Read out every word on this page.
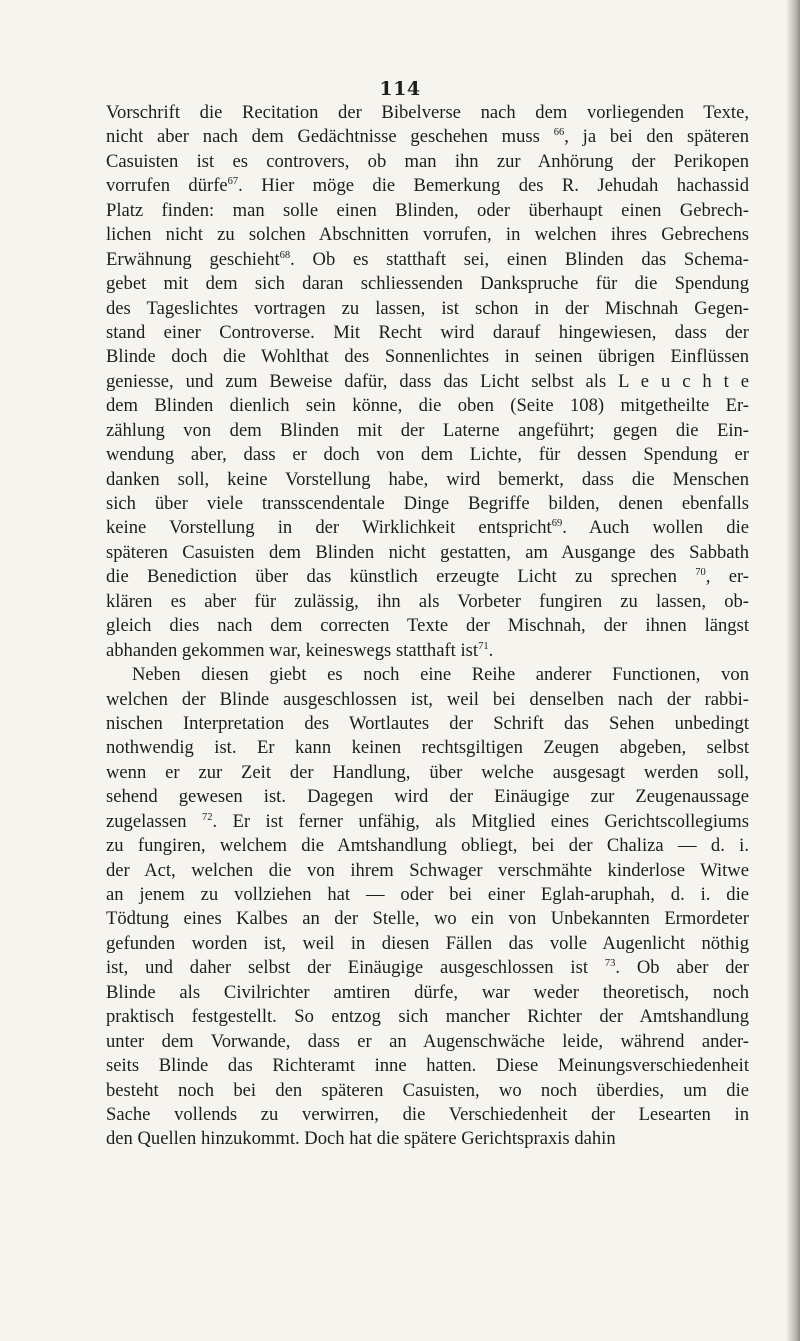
114
Vorschrift die Recitation der Bibelverse nach dem vorliegenden Texte,
nicht aber nach dem Gedächtnisse geschehen muss $^{66}$, ja bei den späteren
Casuisten ist es controvers, ob man ihn zur Anhörung der Perikopen
vorrufen dürfe$^{67}$. Hier möge die Bemerkung des R. Jehudah hachassid
Platz finden: man solle einen Blinden, oder überhaupt einen Gebrech-
lichen nicht zu solchen Abschnitten vorrufen, in welchen ihres Gebrechens
Erwähnung geschieht$^{68}$. Ob es statthaft sei, einen Blinden das Schema-
gebet mit dem sich daran schliessenden Dankspruche für die Spendung
des Tageslichtes vortragen zu lassen, ist schon in der Mischnah Gegen-
stand einer Controverse. Mit Recht wird darauf hingewiesen, dass der
Blinde doch die Wohlthat des Sonnenlichtes in seinen übrigen Einflüssen
geniesse, und zum Beweise dafür, dass das Licht selbst als L e u c h t e
dem Blinden dienlich sein könne, die oben (Seite 108) mitgetheilte Er-
zählung von dem Blinden mit der Laterne angeführt; gegen die Ein-
wendung aber, dass er doch von dem Lichte, für dessen Spendung er
danken soll, keine Vorstellung habe, wird bemerkt, dass die Menschen
sich über viele transscendentale Dinge Begriffe bilden, denen ebenfalls
keine Vorstellung in der Wirklichkeit entspricht$^{69}$. Auch wollen die
späteren Casuisten dem Blinden nicht gestatten, am Ausgange des Sabbath
die Benediction über das künstlich erzeugte Licht zu sprechen $^{70}$, er-
klären es aber für zulässig, ihn als Vorbeter fungiren zu lassen, ob-
gleich dies nach dem correcten Texte der Mischnah, der ihnen längst
abhanden gekommen war, keineswegs statthaft ist$^{71}$.
Neben diesen giebt es noch eine Reihe anderer Functionen, von
welchen der Blinde ausgeschlossen ist, weil bei denselben nach der rabbi-
nischen Interpretation des Wortlautes der Schrift das Sehen unbedingt
nothwendig ist. Er kann keinen rechtsgiltigen Zeugen abgeben, selbst
wenn er zur Zeit der Handlung, über welche ausgesagt werden soll,
sehend gewesen ist. Dagegen wird der Einäugige zur Zeugenaussage
zugelassen $^{72}$. Er ist ferner unfähig, als Mitglied eines Gerichtscollegiums
zu fungiren, welchem die Amtshandlung obliegt, bei der Chaliza — d. i.
der Act, welchen die von ihrem Schwager verschmähte kinderlose Witwe
an jenem zu vollziehen hat — oder bei einer Eglah-aruphah, d. i. die
Tödtung eines Kalbes an der Stelle, wo ein von Unbekannten Ermordeter
gefunden worden ist, weil in diesen Fällen das volle Augenlicht nöthig
ist, und daher selbst der Einäugige ausgeschlossen ist $^{73}$. Ob aber der
Blinde als Civilrichter amtiren dürfe, war weder theoretisch, noch
praktisch festgestellt. So entzog sich mancher Richter der Amtshandlung
unter dem Vorwande, dass er an Augenschwäche leide, während ander-
seits Blinde das Richteramt inne hatten. Diese Meinungsverschiedenheit
besteht noch bei den späteren Casuisten, wo noch überdies, um die
Sache vollends zu verwirren, die Verschiedenheit der Lesearten in
den Quellen hinzukommt. Doch hat die spätere Gerichtspraxis dahin
